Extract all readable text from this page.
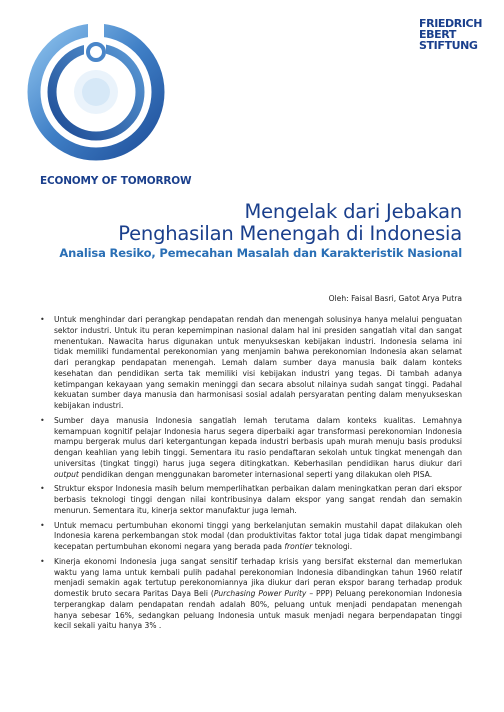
ECONOMY OF TOMORROW
FRIEDRICH
EBERT
STIFTUNG
Mengelak dari Jebakan
Penghasilan Menengah di Indonesia
Analisa Resiko, Pemecahan Masalah dan Karakteristik Nasional
Oleh: Faisal Basri, Gatot Arya Putra

• Untuk menghindar dari perangkap pendapatan rendah dan menengah solusinya hanya melalui penguatan sektor industri. Untuk itu peran kepemimpinan nasional dalam hal ini presiden sangatlah vital dan sangat menentukan. Nawacita harus digunakan untuk menyukseskan kebijakan industri. Indonesia selama ini tidak memiliki fundamental perekonomian yang menjamin bahwa perekonomian Indonesia akan selamat dari perangkap pendapatan menengah. Lemah dalam sumber daya manusia baik dalam konteks kesehatan dan pendidikan serta tak memiliki visi kebijakan industri yang tegas. Di tambah adanya ketimpangan kekayaan yang semakin meninggi dan secara absolut nilainya sudah sangat tinggi. Padahal kekuatan sumber daya manusia dan harmonisasi sosial adalah persyaratan penting dalam menyukseskan kebijakan industri.

• Sumber daya manusia Indonesia sangatlah lemah terutama dalam konteks kualitas. Lemahnya kemampuan kognitif pelajar Indonesia harus segera diperbaiki agar transformasi perekonomian Indonesia mampu bergerak mulus dari ketergantungan kepada industri berbasis upah murah menuju basis produksi dengan keahlian yang lebih tinggi. Sementara itu rasio pendaftaran sekolah untuk tingkat menengah dan universitas (tingkat tinggi) harus juga segera ditingkatkan. Keberhasilan pendidikan harus diukur dari output pendidikan dengan menggunakan barometer internasional seperti yang dilakukan oleh PISA.

• Struktur ekspor Indonesia masih belum memperlihatkan perbaikan dalam meningkatkan peran dari ekspor berbasis teknologi tinggi dengan nilai kontribusinya dalam ekspor yang sangat rendah dan semakin menurun. Sementara itu, kinerja sektor manufaktur juga lemah.

• Untuk memacu pertumbuhan ekonomi tinggi yang berkelanjutan semakin mustahil dapat dilakukan oleh Indonesia karena perkembangan stok modal (dan produktivitas faktor total juga tidak dapat mengimbangi kecepatan pertumbuhan ekonomi negara yang berada pada frontier teknologi.

• Kinerja ekonomi Indonesia juga sangat sensitif terhadap krisis yang bersifat eksternal dan memerlukan waktu yang lama untuk kembali pulih padahal perekonomian Indonesia dibandingkan tahun 1960 relatif menjadi semakin agak tertutup perekonomiannya jika diukur dari peran ekspor barang terhadap produk domestik bruto secara Paritas Daya Beli (Purchasing Power Purity – PPP) Peluang perekonomian Indonesia terperangkap dalam pendapatan rendah adalah 80%, peluang untuk menjadi pendapatan menengah hanya sebesar 16%, sedangkan peluang Indonesia untuk masuk menjadi negara berpendapatan tinggi kecil sekali yaitu hanya 3% .
